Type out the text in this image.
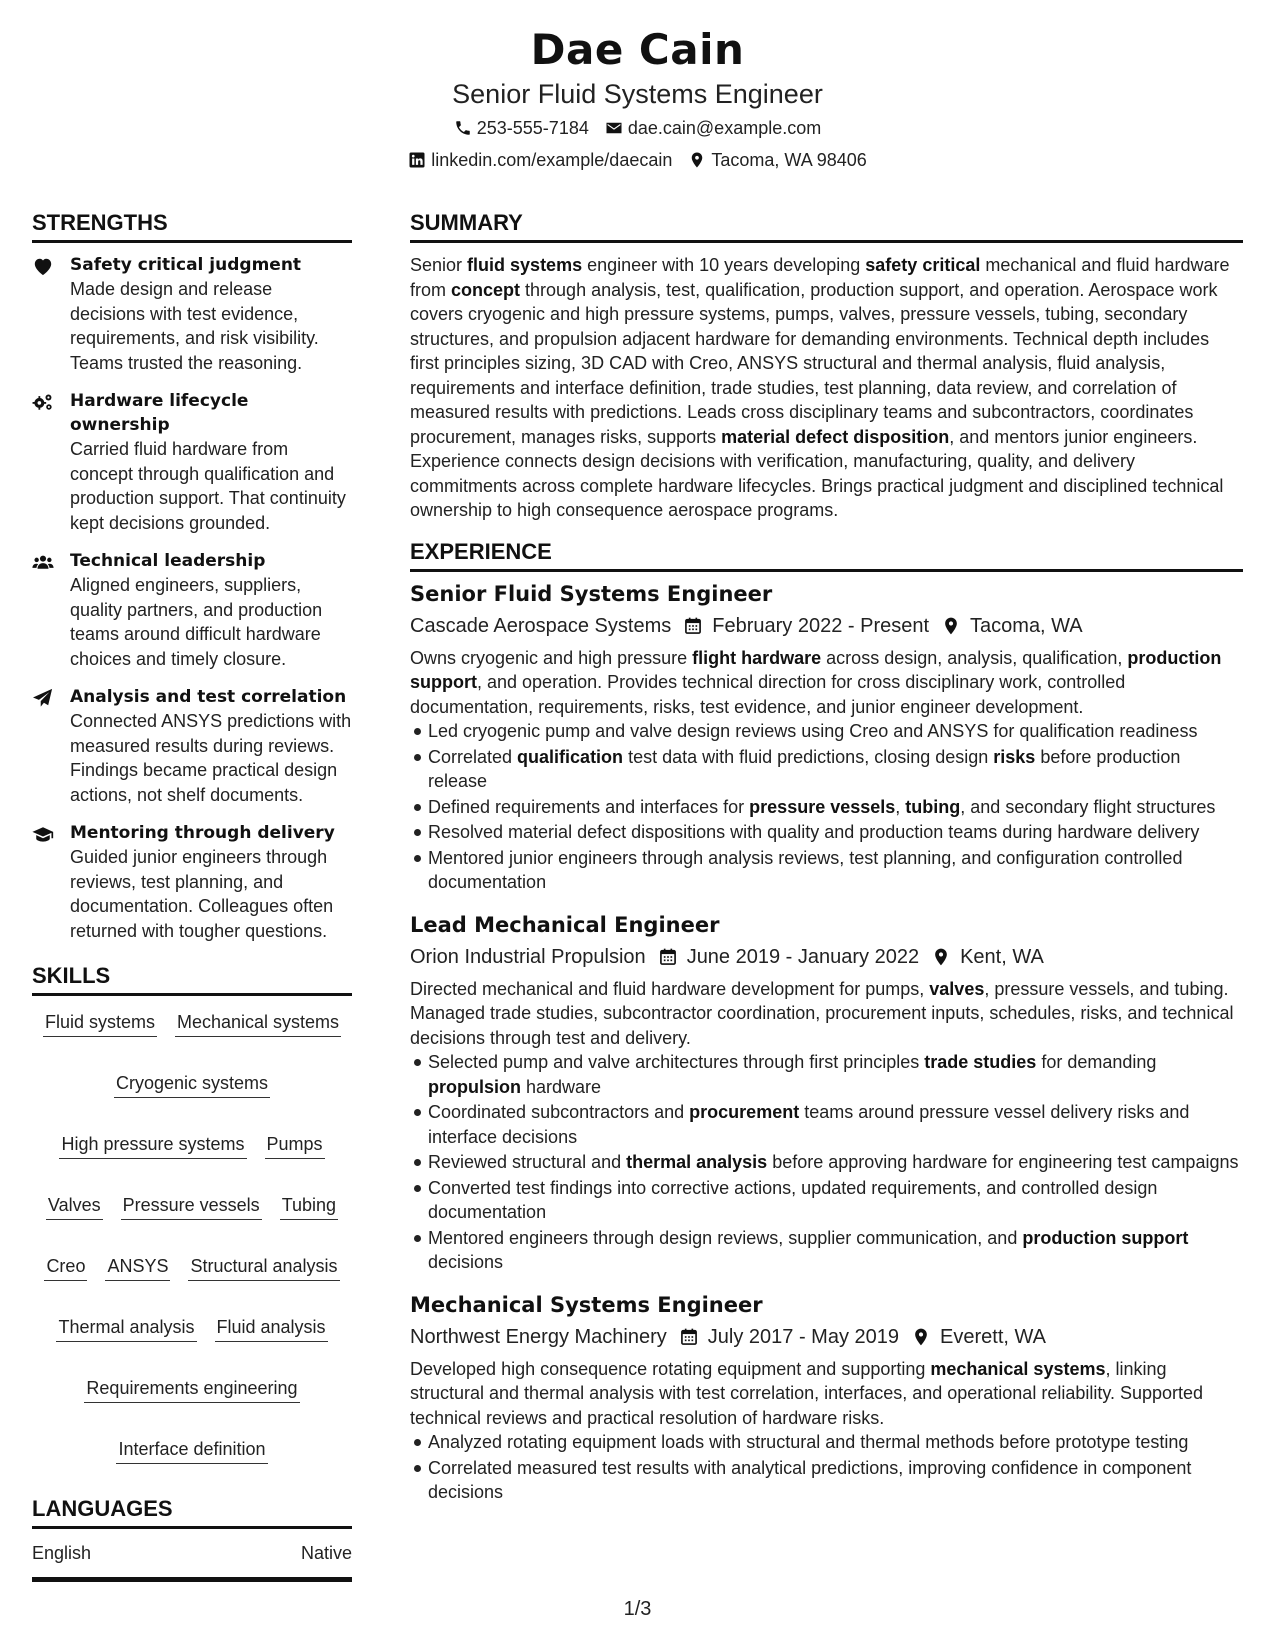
Dae Cain
Senior Fluid Systems Engineer
253-555-7184 dae.cain@example.com
linkedin.com/example/daecain Tacoma, WA 98406
STRENGTHS
Safety critical judgment
Made design and release decisions with test evidence, requirements, and risk visibility. Teams trusted the reasoning.
Hardware lifecycle ownership
Carried fluid hardware from concept through qualification and production support. That continuity kept decisions grounded.
Technical leadership
Aligned engineers, suppliers, quality partners, and production teams around difficult hardware choices and timely closure.
Analysis and test correlation
Connected ANSYS predictions with measured results during reviews. Findings became practical design actions, not shelf documents.
Mentoring through delivery
Guided junior engineers through reviews, test planning, and documentation. Colleagues often returned with tougher questions.
SKILLS
Fluid systems Mechanical systems
Cryogenic systems
High pressure systems Pumps
Valves Pressure vessels Tubing
Creo ANSYS Structural analysis
Thermal analysis Fluid analysis
Requirements engineering
Interface definition
LANGUAGES
English	Native
SUMMARY
Senior fluid systems engineer with 10 years developing safety critical mechanical and fluid hardware from concept through analysis, test, qualification, production support, and operation. Aerospace work covers cryogenic and high pressure systems, pumps, valves, pressure vessels, tubing, secondary structures, and propulsion adjacent hardware for demanding environments. Technical depth includes first principles sizing, 3D CAD with Creo, ANSYS structural and thermal analysis, fluid analysis, requirements and interface definition, trade studies, test planning, data review, and correlation of measured results with predictions. Leads cross disciplinary teams and subcontractors, coordinates procurement, manages risks, supports material defect disposition, and mentors junior engineers. Experience connects design decisions with verification, manufacturing, quality, and delivery commitments across complete hardware lifecycles. Brings practical judgment and disciplined technical ownership to high consequence aerospace programs.
EXPERIENCE
Senior Fluid Systems Engineer
Cascade Aerospace Systems February 2022 - Present Tacoma, WA
Owns cryogenic and high pressure flight hardware across design, analysis, qualification, production support, and operation. Provides technical direction for cross disciplinary work, controlled documentation, requirements, risks, test evidence, and junior engineer development.
Led cryogenic pump and valve design reviews using Creo and ANSYS for qualification readiness
Correlated qualification test data with fluid predictions, closing design risks before production release
Defined requirements and interfaces for pressure vessels, tubing, and secondary flight structures
Resolved material defect dispositions with quality and production teams during hardware delivery
Mentored junior engineers through analysis reviews, test planning, and configuration controlled documentation
Lead Mechanical Engineer
Orion Industrial Propulsion June 2019 - January 2022 Kent, WA
Directed mechanical and fluid hardware development for pumps, valves, pressure vessels, and tubing. Managed trade studies, subcontractor coordination, procurement inputs, schedules, risks, and technical decisions through test and delivery.
Selected pump and valve architectures through first principles trade studies for demanding propulsion hardware
Coordinated subcontractors and procurement teams around pressure vessel delivery risks and interface decisions
Reviewed structural and thermal analysis before approving hardware for engineering test campaigns
Converted test findings into corrective actions, updated requirements, and controlled design documentation
Mentored engineers through design reviews, supplier communication, and production support decisions
Mechanical Systems Engineer
Northwest Energy Machinery July 2017 - May 2019 Everett, WA
Developed high consequence rotating equipment and supporting mechanical systems, linking structural and thermal analysis with test correlation, interfaces, and operational reliability. Supported technical reviews and practical resolution of hardware risks.
Analyzed rotating equipment loads with structural and thermal methods before prototype testing
Correlated measured test results with analytical predictions, improving confidence in component decisions
1/3
